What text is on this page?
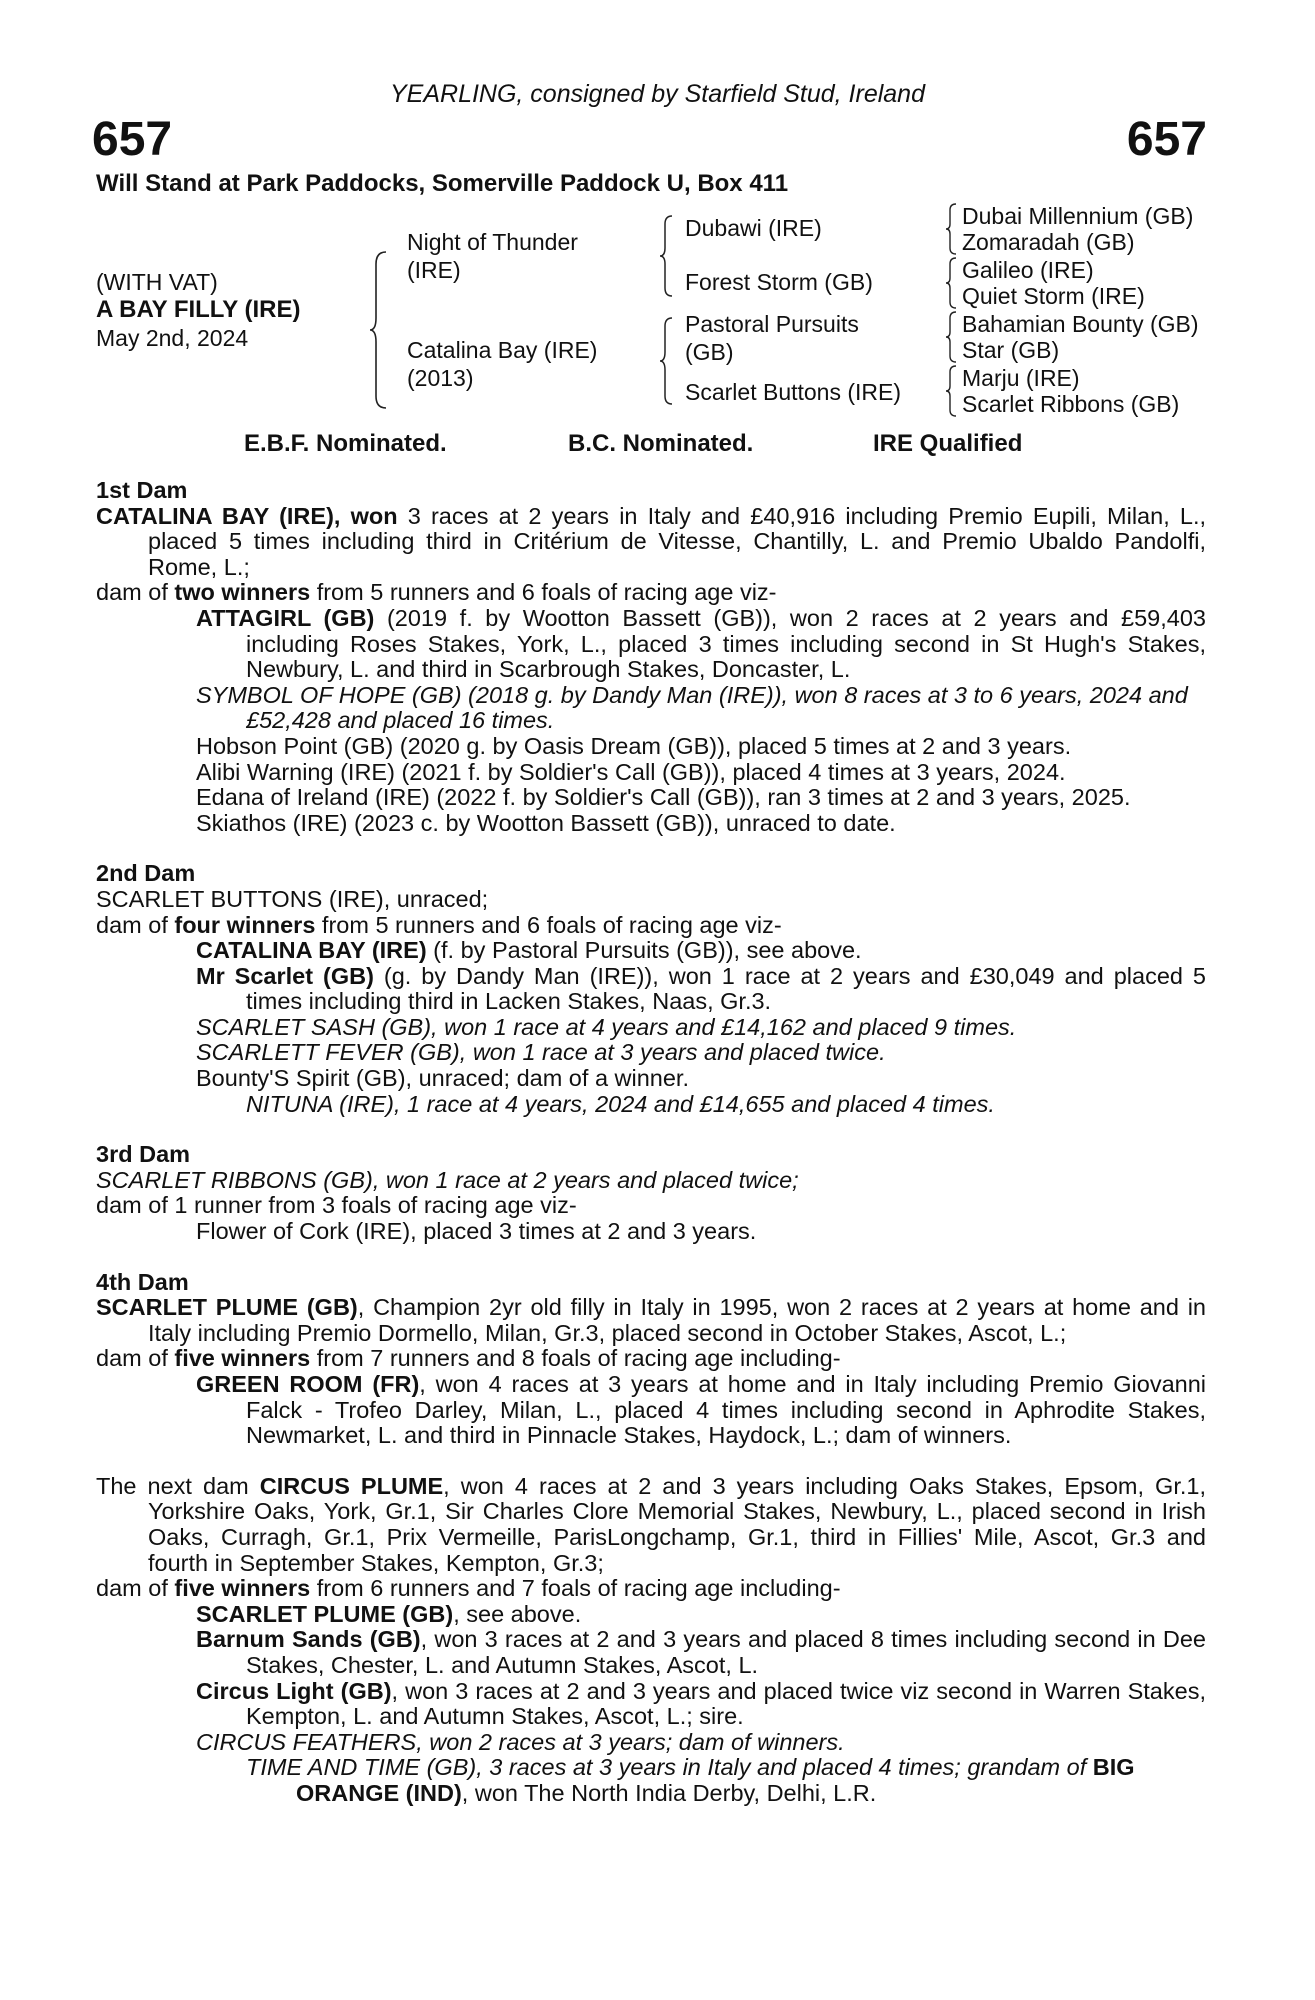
YEARLING, consigned by Starfield Stud, Ireland
657	657
Will Stand at Park Paddocks, Somerville Paddock U, Box 411
(WITH VAT)
A BAY FILLY (IRE)
May 2nd, 2024
Night of Thunder
(IRE)
Catalina Bay (IRE)
(2013)
Dubawi (IRE)
Forest Storm (GB)
Pastoral Pursuits
(GB)
Scarlet Buttons (IRE)
Dubai Millennium (GB)
Zomaradah (GB)
Galileo (IRE)
Quiet Storm (IRE)
Bahamian Bounty (GB)
Star (GB)
Marju (IRE)
Scarlet Ribbons (GB)
E.B.F. Nominated.	B.C. Nominated.	IRE Qualified

1st Dam

CATALINA BAY (IRE), won 3 races at 2 years in Italy and £40,916 including Premio Eupili, Milan, L., placed 5 times including third in Critérium de Vitesse, Chantilly, L. and Premio Ubaldo Pandolfi, Rome, L.;

dam of two winners from 5 runners and 6 foals of racing age viz-

ATTAGIRL (GB) (2019 f. by Wootton Bassett (GB)), won 2 races at 2 years and £59,403 including Roses Stakes, York, L., placed 3 times including second in St Hugh's Stakes, Newbury, L. and third in Scarbrough Stakes, Doncaster, L.

SYMBOL OF HOPE (GB) (2018 g. by Dandy Man (IRE)), won 8 races at 3 to 6 years, 2024 and £52,428 and placed 16 times.

Hobson Point (GB) (2020 g. by Oasis Dream (GB)), placed 5 times at 2 and 3 years.

Alibi Warning (IRE) (2021 f. by Soldier's Call (GB)), placed 4 times at 3 years, 2024.

Edana of Ireland (IRE) (2022 f. by Soldier's Call (GB)), ran 3 times at 2 and 3 years, 2025.

Skiathos (IRE) (2023 c. by Wootton Bassett (GB)), unraced to date.

2nd Dam

SCARLET BUTTONS (IRE), unraced;

dam of four winners from 5 runners and 6 foals of racing age viz-

CATALINA BAY (IRE) (f. by Pastoral Pursuits (GB)), see above.

Mr Scarlet (GB) (g. by Dandy Man (IRE)), won 1 race at 2 years and £30,049 and placed 5 times including third in Lacken Stakes, Naas, Gr.3.

SCARLET SASH (GB), won 1 race at 4 years and £14,162 and placed 9 times.

SCARLETT FEVER (GB), won 1 race at 3 years and placed twice.

Bounty'S Spirit (GB), unraced; dam of a winner.

NITUNA (IRE), 1 race at 4 years, 2024 and £14,655 and placed 4 times.

3rd Dam

SCARLET RIBBONS (GB), won 1 race at 2 years and placed twice;

dam of 1 runner from 3 foals of racing age viz-

Flower of Cork (IRE), placed 3 times at 2 and 3 years.

4th Dam

SCARLET PLUME (GB), Champion 2yr old filly in Italy in 1995, won 2 races at 2 years at home and in Italy including Premio Dormello, Milan, Gr.3, placed second in October Stakes, Ascot, L.;

dam of five winners from 7 runners and 8 foals of racing age including-

GREEN ROOM (FR), won 4 races at 3 years at home and in Italy including Premio Giovanni Falck - Trofeo Darley, Milan, L., placed 4 times including second in Aphrodite Stakes, Newmarket, L. and third in Pinnacle Stakes, Haydock, L.; dam of winners.

The next dam CIRCUS PLUME, won 4 races at 2 and 3 years including Oaks Stakes, Epsom, Gr.1, Yorkshire Oaks, York, Gr.1, Sir Charles Clore Memorial Stakes, Newbury, L., placed second in Irish Oaks, Curragh, Gr.1, Prix Vermeille, ParisLongchamp, Gr.1, third in Fillies' Mile, Ascot, Gr.3 and fourth in September Stakes, Kempton, Gr.3;

dam of five winners from 6 runners and 7 foals of racing age including-

SCARLET PLUME (GB), see above.

Barnum Sands (GB), won 3 races at 2 and 3 years and placed 8 times including second in Dee Stakes, Chester, L. and Autumn Stakes, Ascot, L.

Circus Light (GB), won 3 races at 2 and 3 years and placed twice viz second in Warren Stakes, Kempton, L. and Autumn Stakes, Ascot, L.; sire.

CIRCUS FEATHERS, won 2 races at 3 years; dam of winners.

TIME AND TIME (GB), 3 races at 3 years in Italy and placed 4 times; grandam of BIG ORANGE (IND), won The North India Derby, Delhi, L.R.
